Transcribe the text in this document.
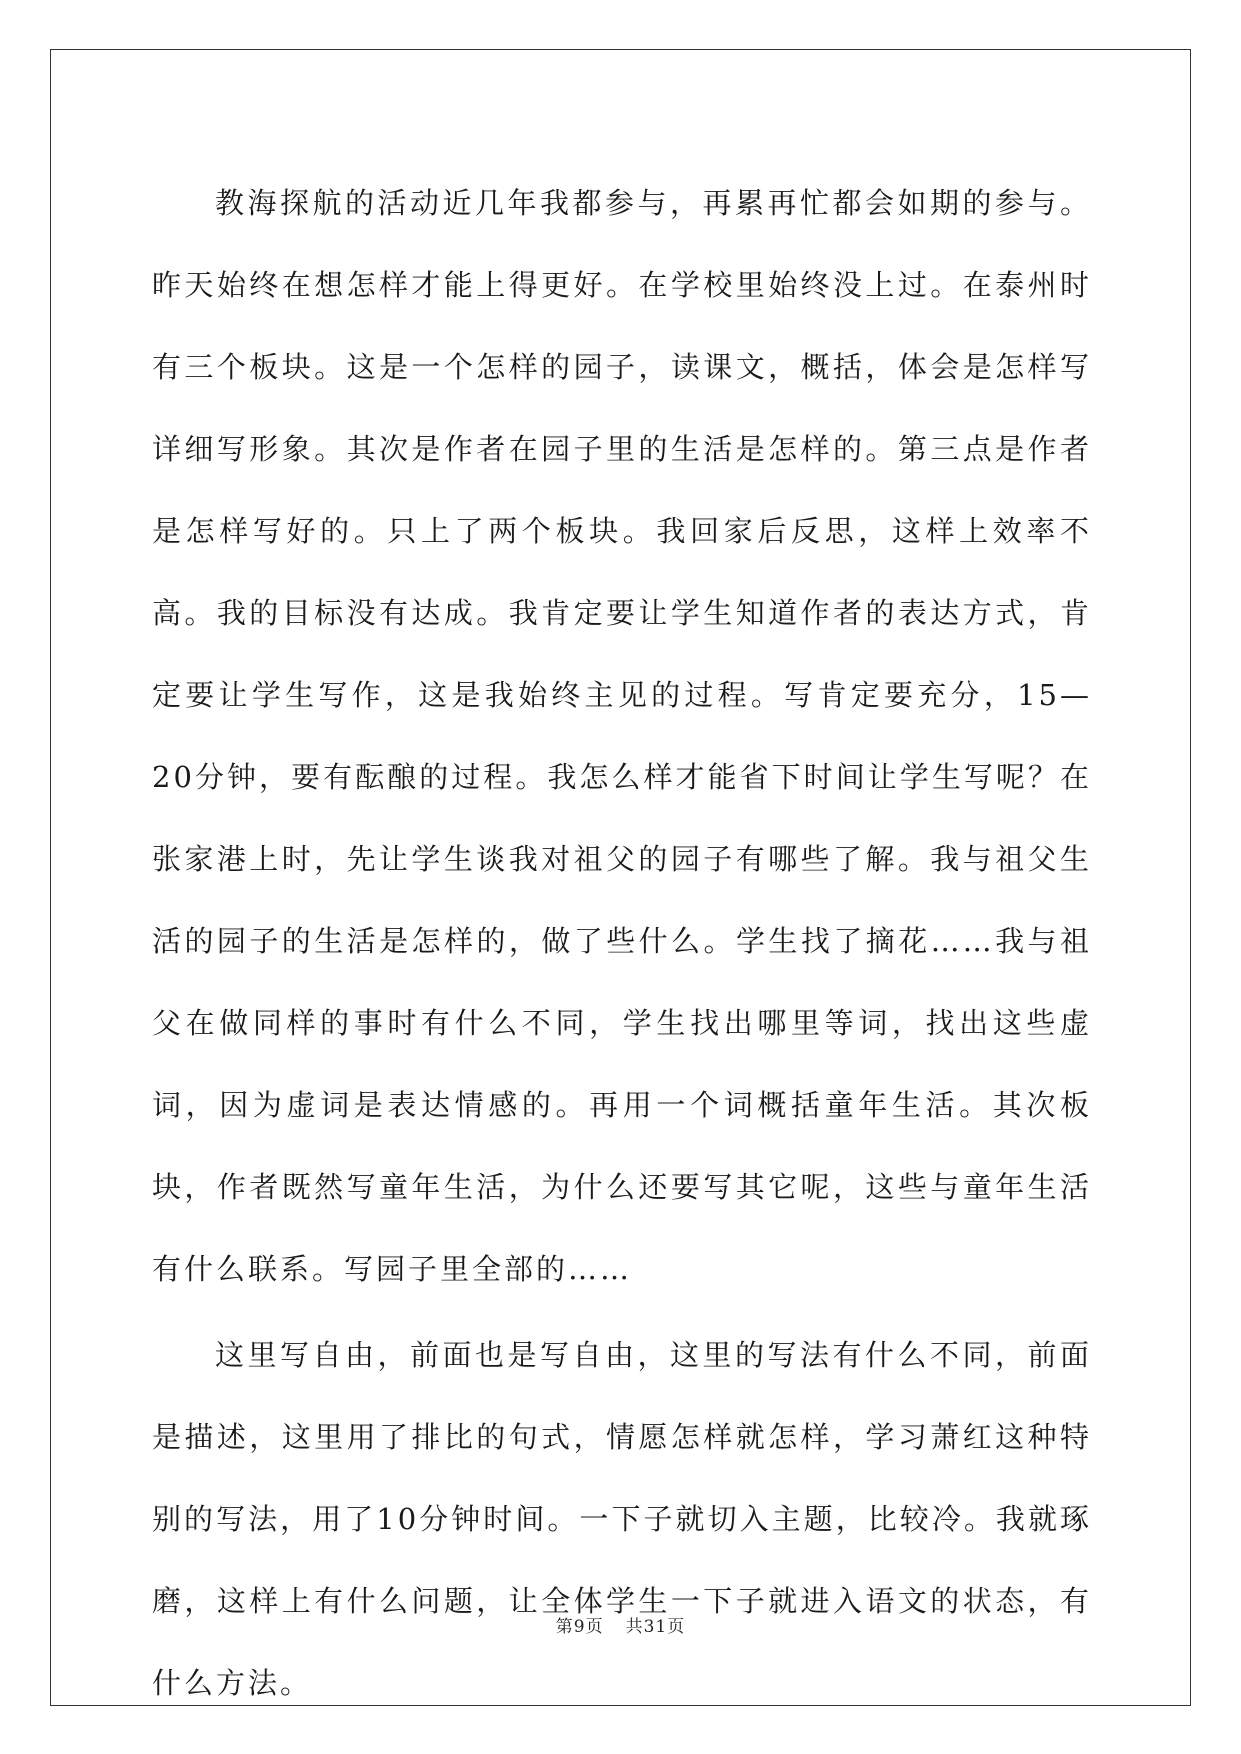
教海探航的活动近几年我都参与，再累再忙都会如期的参与。昨天始终在想怎样才能上得更好。在学校里始终没上过。在泰州时有三个板块。这是一个怎样的园子，读课文，概括，体会是怎样写详细写形象。其次是作者在园子里的生活是怎样的。第三点是作者是怎样写好的。只上了两个板块。我回家后反思，这样上效率不高。我的目标没有达成。我肯定要让学生知道作者的表达方式，肯定要让学生写作，这是我始终主见的过程。写肯定要充分，15—20分钟，要有酝酿的过程。我怎么样才能省下时间让学生写呢？在张家港上时，先让学生谈我对祖父的园子有哪些了解。我与祖父生活的园子的生活是怎样的，做了些什么。学生找了摘花……我与祖父在做同样的事时有什么不同，学生找出哪里等词，找出这些虚词，因为虚词是表达情感的。再用一个词概括童年生活。其次板块，作者既然写童年生活，为什么还要写其它呢，这些与童年生活有什么联系。写园子里全部的……

这里写自由，前面也是写自由，这里的写法有什么不同，前面是描述，这里用了排比的句式，情愿怎样就怎样，学习萧红这种特别的写法，用了10分钟时间。一下子就切入主题，比较冷。我就琢磨，这样上有什么问题，让全体学生一下子就进入语文的状态，有什么方法。

第9页 共31页
